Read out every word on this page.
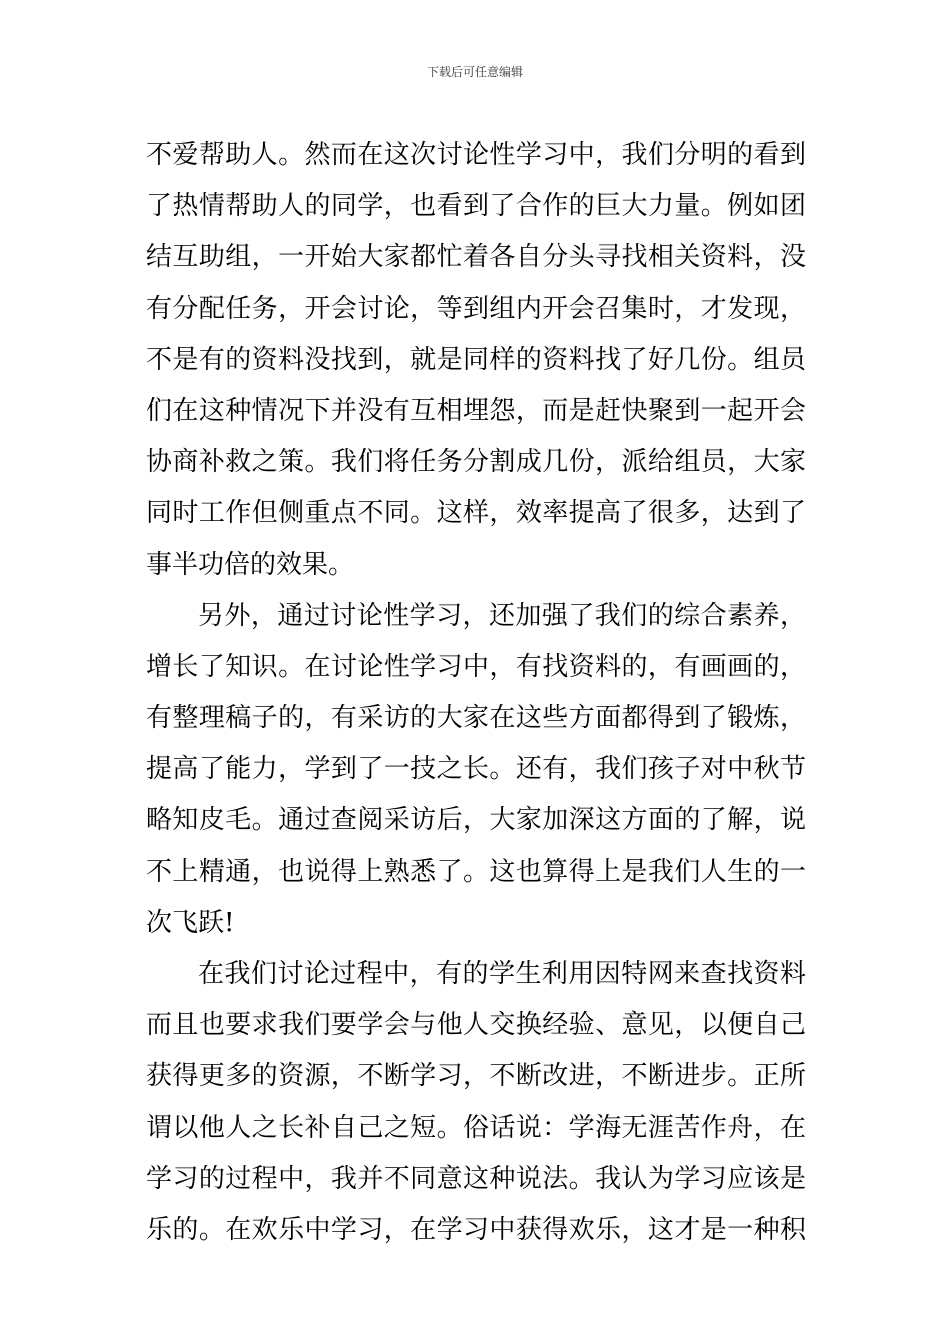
下载后可任意编辑
不爱帮助人。然而在这次讨论性学习中，我们分明的看到
了热情帮助人的同学，也看到了合作的巨大力量。例如团
结互助组，一开始大家都忙着各自分头寻找相关资料，没
有分配任务，开会讨论，等到组内开会召集时，才发现，
不是有的资料没找到，就是同样的资料找了好几份。组员
们在这种情况下并没有互相埋怨，而是赶快聚到一起开会
协商补救之策。我们将任务分割成几份，派给组员，大家
同时工作但侧重点不同。这样，效率提高了很多，达到了
事半功倍的效果。
另外，通过讨论性学习，还加强了我们的综合素养，
增长了知识。在讨论性学习中，有找资料的，有画画的，
有整理稿子的，有采访的大家在这些方面都得到了锻炼，
提高了能力，学到了一技之长。还有，我们孩子对中秋节
略知皮毛。通过查阅采访后，大家加深这方面的了解，说
不上精通，也说得上熟悉了。这也算得上是我们人生的一
次飞跃!
在我们讨论过程中，有的学生利用因特网来查找资料
而且也要求我们要学会与他人交换经验、意见，以便自己
获得更多的资源，不断学习，不断改进，不断进步。正所
谓以他人之长补自己之短。俗话说：学海无涯苦作舟，在
学习的过程中，我并不同意这种说法。我认为学习应该是
乐的。在欢乐中学习，在学习中获得欢乐，这才是一种积
